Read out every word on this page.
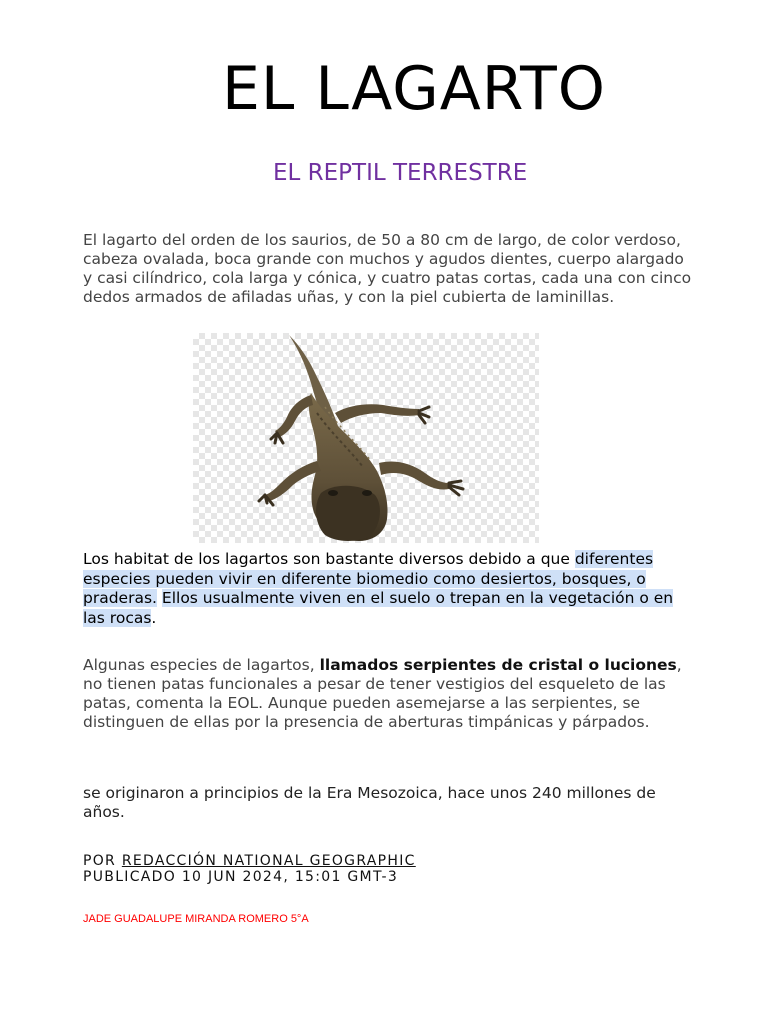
EL LAGARTO
EL REPTIL TERRESTRE
El lagarto del orden de los saurios, de 50 a 80 cm de largo, de color verdoso, cabeza ovalada, boca grande con muchos y agudos dientes, cuerpo alargado y casi cilíndrico, cola larga y cónica, y cuatro patas cortas, cada una con cinco dedos armados de afiladas uñas, y con la piel cubierta de laminillas.
Los habitat de los lagartos son bastante diversos debido a que diferentes especies pueden vivir en diferente biomedio como desiertos, bosques, o praderas. Ellos usualmente viven en el suelo o trepan en la vegetación o en las rocas.
Algunas especies de lagartos, llamados serpientes de cristal o luciones, no tienen patas funcionales a pesar de tener vestigios del esqueleto de las patas, comenta la EOL. Aunque pueden asemejarse a las serpientes, se distinguen de ellas por la presencia de aberturas timpánicas y párpados.
se originaron a principios de la Era Mesozoica, hace unos 240 millones de años.
POR REDACCIÓN NATIONAL GEOGRAPHIC
PUBLICADO 10 JUN 2024, 15:01 GMT-3
JADE GUADALUPE MIRANDA ROMERO 5°A
